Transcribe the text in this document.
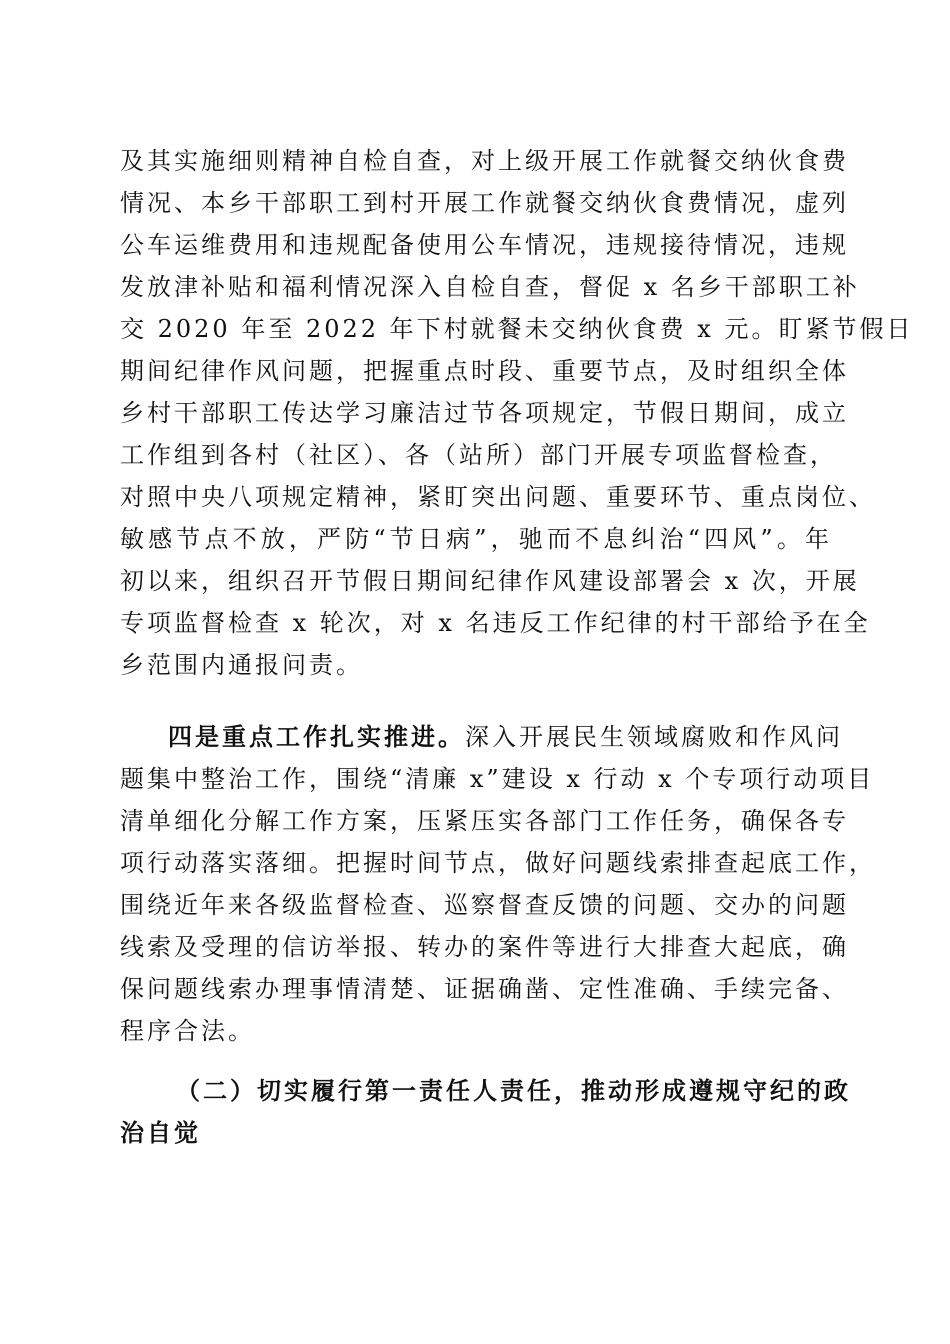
及其实施细则精神自检自查，对上级开展工作就餐交纳伙食费
情况、本乡干部职工到村开展工作就餐交纳伙食费情况，虚列
公车运维费用和违规配备使用公车情况，违规接待情况，违规
发放津补贴和福利情况深入自检自查，督促 x 名乡干部职工补
交 2020 年至 2022 年下村就餐未交纳伙食费 x 元。盯紧节假日
期间纪律作风问题，把握重点时段、重要节点，及时组织全体
乡村干部职工传达学习廉洁过节各项规定，节假日期间，成立
工作组到各村（社区）、各（站所）部门开展专项监督检查，
对照中央八项规定精神，紧盯突出问题、重要环节、重点岗位、
敏感节点不放，严防“节日病”，驰而不息纠治“四风”。年
初以来，组织召开节假日期间纪律作风建设部署会 x 次，开展
专项监督检查 x 轮次，对 x 名违反工作纪律的村干部给予在全
乡范围内通报问责。
四是重点工作扎实推进。深入开展民生领域腐败和作风问
题集中整治工作，围绕“清廉 x”建设 x 行动 x 个专项行动项目
清单细化分解工作方案，压紧压实各部门工作任务，确保各专
项行动落实落细。把握时间节点，做好问题线索排查起底工作，
围绕近年来各级监督检查、巡察督查反馈的问题、交办的问题
线索及受理的信访举报、转办的案件等进行大排查大起底，确
保问题线索办理事情清楚、证据确凿、定性准确、手续完备、
程序合法。
（二）切实履行第一责任人责任，推动形成遵规守纪的政
治自觉
